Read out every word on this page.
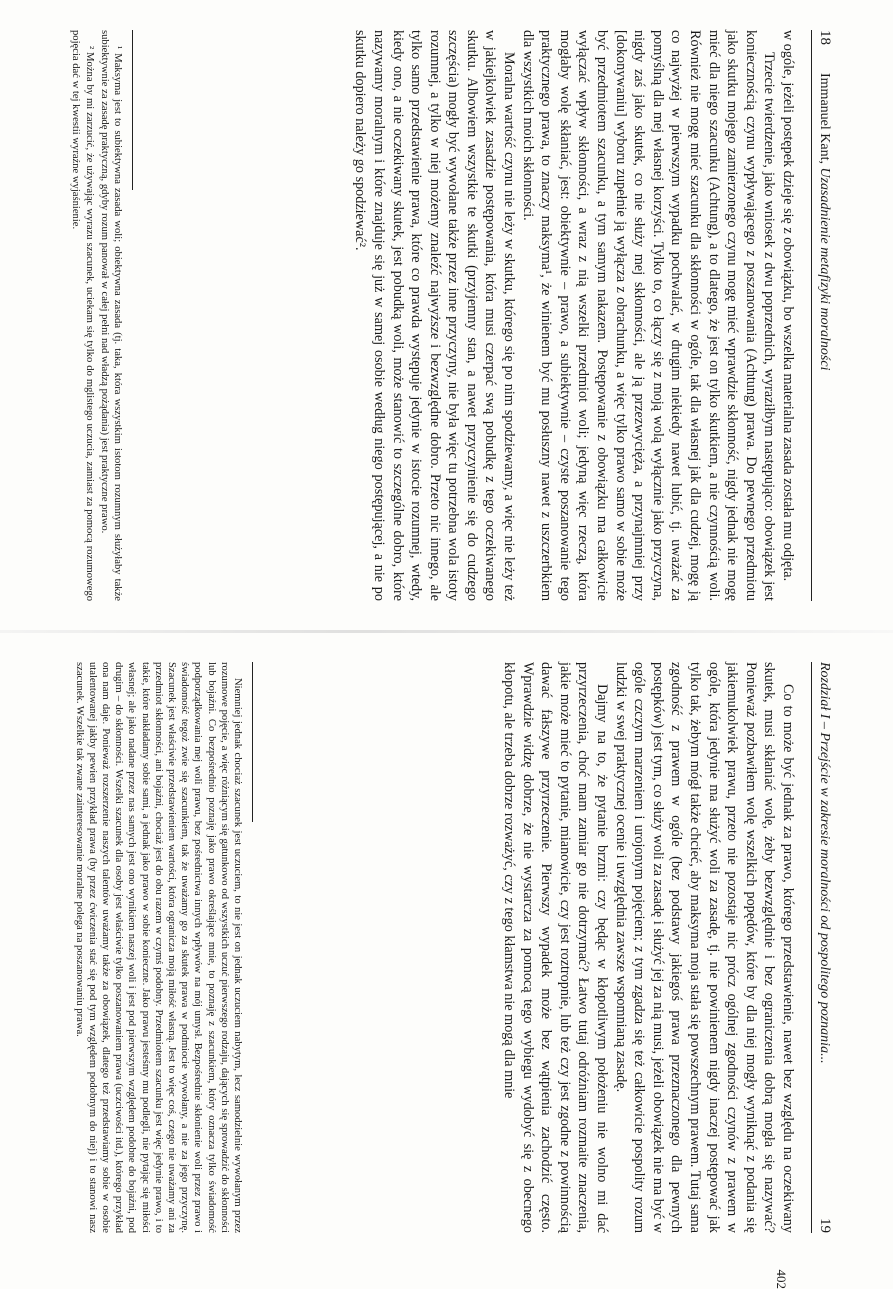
18
Immanuel Kant, Uzasadnienie metafizyki moralności

w ogóle, jeżeli postępek dzieje się z obowiązku, bo wszelka materialna zasada została mu odjęta.

Trzecie twierdzenie, jako wniosek z dwu poprzednich, wyraziłbym następująco: obowiązek jest koniecznością czynu wypływającego z poszanowania (Achtung) prawa. Do pewnego przedmiotu jako skutku mojego zamierzonego czynu mogę mieć wprawdzie skłonność, nigdy jednak nie mogę mieć dla niego szacunku (Achtung), a to dlatego, że jest on tylko skutkiem, a nie czynnością woli. Również nie mogę mieć szacunku dla skłonności w ogóle, tak dla własnej jak dla cudzej, mogę ją co najwyżej w pierwszym wypadku pochwalać, w drugim niekiedy nawet lubić, tj. uważać za pomyślną dla mej własnej korzyści. Tylko to, co łączy się z moją wolą wyłącznie jako przyczyna, nigdy zaś jako skutek, co nie służy mej skłonności, ale ją przezwycięża, a przynajmniej przy [dokonywaniu] wyboru zupełnie ją wyłącza z obrachunku, a więc tylko prawo samo w sobie może być przedmiotem szacunku, a tym samym nakazem. Postępowanie z obowiązku ma całkowicie wyłączać wpływ skłonności, a wraz z nią wszelki przedmiot woli; jedyną więc rzeczą, która mogłaby wolę skłaniać, jest: obiektywnie – prawo, a subiektywnie – czyste poszanowanie tego praktycznego prawa, to znaczy maksyma¹, że winienem być mu posłuszny nawet z uszczerbkiem dla wszystkich moich skłonności.

Moralna wartość czynu nie leży w skutku, którego się po nim spodziewamy, a więc nie leży też w jakiejkolwiek zasadzie postępowania, która musi czerpać swą pobudkę z tego oczekiwanego skutku. Albowiem wszystkie te skutki (przyjemny stan, a nawet przyczynienie się do cudzego szczęścia) mogły być wywołane także przez inne przyczyny, nie była więc tu potrzebna wola istoty rozumnej, a tylko w niej możemy znaleźć najwyższe i bezwzględne dobro. Przeto nic innego, ale tylko samo przedstawienie prawa, które co prawda występuje jedynie w istocie rozumnej, wtedy, kiedy ono, a nie oczekiwany skutek, jest pobudką woli, może stanowić to szczególne dobro, które nazywamy moralnym i które znajduje się już w samej osobie według niego postępującej, a nie po skutku dopiero należy go spodziewać².

¹ Maksyma jest to subiektywna zasada woli; obiektywna zasada (tj. taka, która wszystkim istotom rozumnym służyłaby także subiektywnie za zasadę praktyczną, gdyby rozum panował w całej pełni nad władzą pożądania) jest praktyczne prawo.

² Można by mi zarzucić, że używając wyrazu szacunek, uciekam się tylko do mglistego uczucia, zamiast za pomocą rozumowego pojęcia dać w tej kwestii wyraźne wyjaśnienie.

Rozdział I – Przejście w zakresie moralności od pospolitego poznania...
19
402

Co to może być jednak za prawo, którego przedstawienie, nawet bez względu na oczekiwany skutek, musi skłaniać wolę, żeby bezwzględnie i bez ograniczenia dobrą mogła się nazywać? Ponieważ pozbawiłem wolę wszelkich popędów, które by dla niej mogły wyniknąć z podania się jakiemukolwiek prawu, przeto nie pozostaje nic prócz ogólnej zgodności czynów z prawem w ogóle, która jedynie ma służyć woli za zasadę, tj. nie powinienem nigdy inaczej postępować jak tylko tak, żebym mógł także chcieć, aby maksyma moja stała się powszechnym prawem. Tutaj sama zgodność z prawem w ogóle (bez podstawy jakiegoś prawa przeznaczonego dla pewnych postępków) jest tym, co służy woli za zasadę i służyć jej za nią musi, jeżeli obowiązek nie ma być w ogóle czczym marzeniem i urojonym pojęciem; z tym zgadza się też całkowicie pospolity rozum ludzki w swej praktycznej ocenie i uwzględnia zawsze wspomnianą zasadę.

Dajmy na to, że pytanie brzmi: czy będąc w kłopotliwym położeniu nie wolno mi dać przyrzeczenia, choć mam zamiar go nie dotrzymać? Łatwo tutaj odróżniam rozmaite znaczenia, jakie może mieć to pytanie, mianowicie, czy jest roztropnie, lub też czy jest zgodne z powinnością dawać fałszywe przyrzeczenie. Pierwszy wypadek może bez wątpienia zachodzić często. Wprawdzie widzę dobrze, że nie wystarcza za pomocą tego wybiegu wydobyć się z obecnego kłopotu, ale trzeba dobrze rozważyć, czy z tego kłamstwa nie mogą dla mnie

Niemniej jednak chociaż szacunek jest uczuciem, to nie jest on jednak uczuciem nabytym, lecz samodzielnie wywołanym przez rozumowe pojęcie, a więc różniącym się gatunkowo od wszystkich uczuć pierwszego rodzaju, dających się sprowadzić do skłonności lub bojaźni. Co bezpośrednio poznaję jako prawo określające mnie, to poznaję z szacunkiem, który oznacza tylko świadomość podporządkowania mej woli prawu, bez pośrednictwa innych wpływów na mój umysł. Bezpośrednie skłonienie woli przez prawo i świadomość tegoż zwie się szacunkiem, tak że uważamy go za skutek prawa w podmiocie wywołany, a nie za jego przyczynę. Szacunek jest właściwie przedstawieniem wartości, która ogranicza moją miłość własną. Jest to więc coś, czego nie uważamy ani za przedmiot skłonności, ani bojaźni, chociaż jest do obu razem w czymś podobny. Przedmiotem szacunku jest więc jedynie prawo, i to takie, które nakładamy sobie sami, a jednak jako prawo w sobie konieczne. Jako prawu jesteśmy mu podlegli, nie pytając się miłości własnej; ale jako nadane przez nas samych jest ono wynikiem naszej woli i jest pod pierwszym względem podobne do bojaźni, pod drugim – do skłonności. Wszelki szacunek dla osoby jest właściwie tylko poszanowaniem prawa (uczciwości itd.), którego przykład ona nam daje. Ponieważ rozszerzenie naszych talentów uważamy także za obowiązek, dlatego też przedstawiamy sobie w osobie utalentowanej jakby pewien przykład prawa (by przez ćwiczenia stać się pod tym względem podobnym do niej) i to stanowi nasz szacunek. Wszelkie tak zwane zainteresowanie moralne polega na poszanowaniu prawa.
